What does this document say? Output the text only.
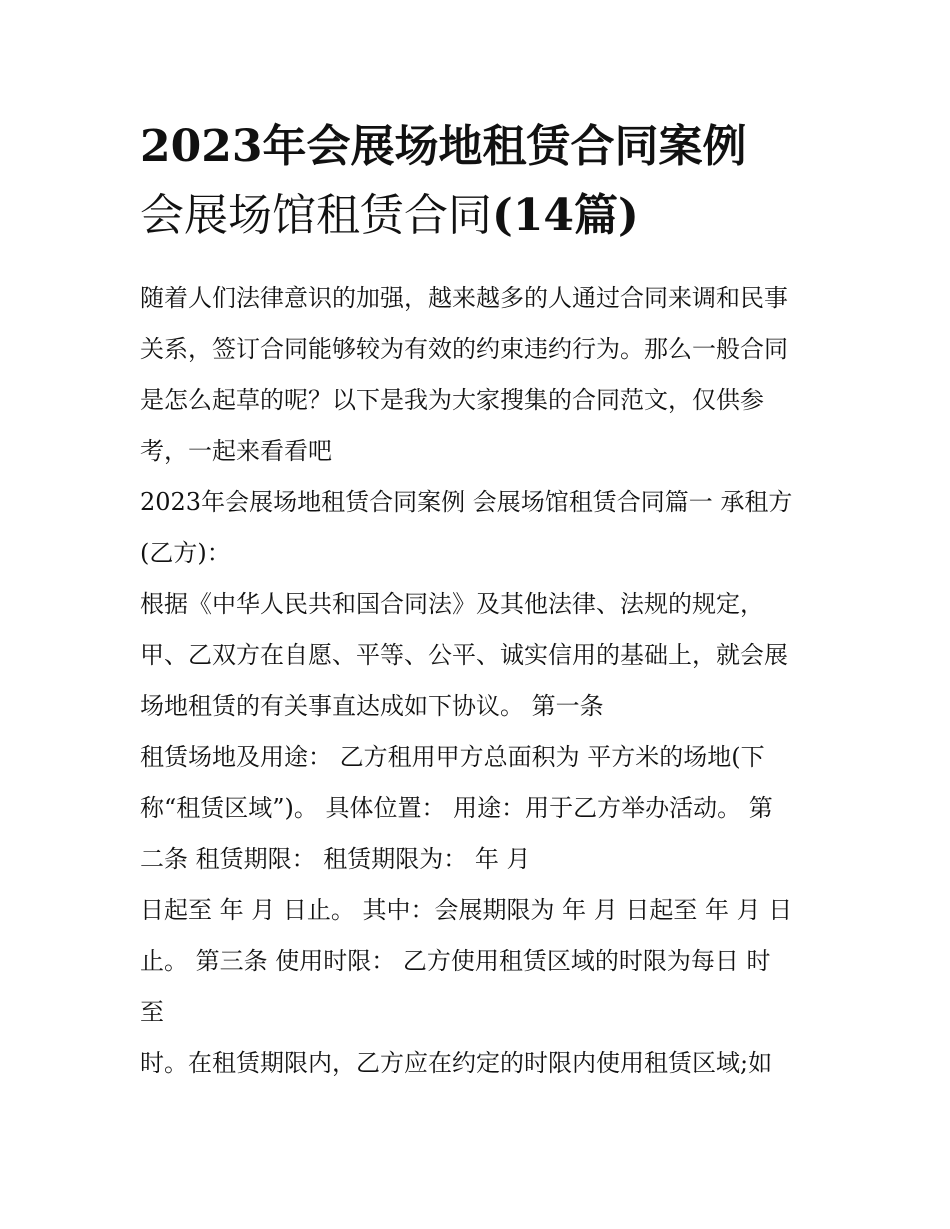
2023年会展场地租赁合同案例
会展场馆租赁合同(14篇)

随着人们法律意识的加强，越来越多的人通过合同来调和民事

关系，签订合同能够较为有效的约束违约行为。那么一般合同

是怎么起草的呢？以下是我为大家搜集的合同范文，仅供参

考，一起来看看吧

2023年会展场地租赁合同案例 会展场馆租赁合同篇一 承租方

(乙方)：

根据《中华人民共和国合同法》及其他法律、法规的规定，

甲、乙双方在自愿、平等、公平、诚实信用的基础上，就会展

场地租赁的有关事直达成如下协议。 第一条

租赁场地及用途： 乙方租用甲方总面积为 平方米的场地(下

称“租赁区域”)。 具体位置： 用途：用于乙方举办活动。 第

二条 租赁期限： 租赁期限为： 年 月

日起至 年 月 日止。 其中：会展期限为 年 月 日起至 年 月 日

止。 第三条 使用时限： 乙方使用租赁区域的时限为每日 时

至

时。在租赁期限内，乙方应在约定的时限内使用租赁区域;如
